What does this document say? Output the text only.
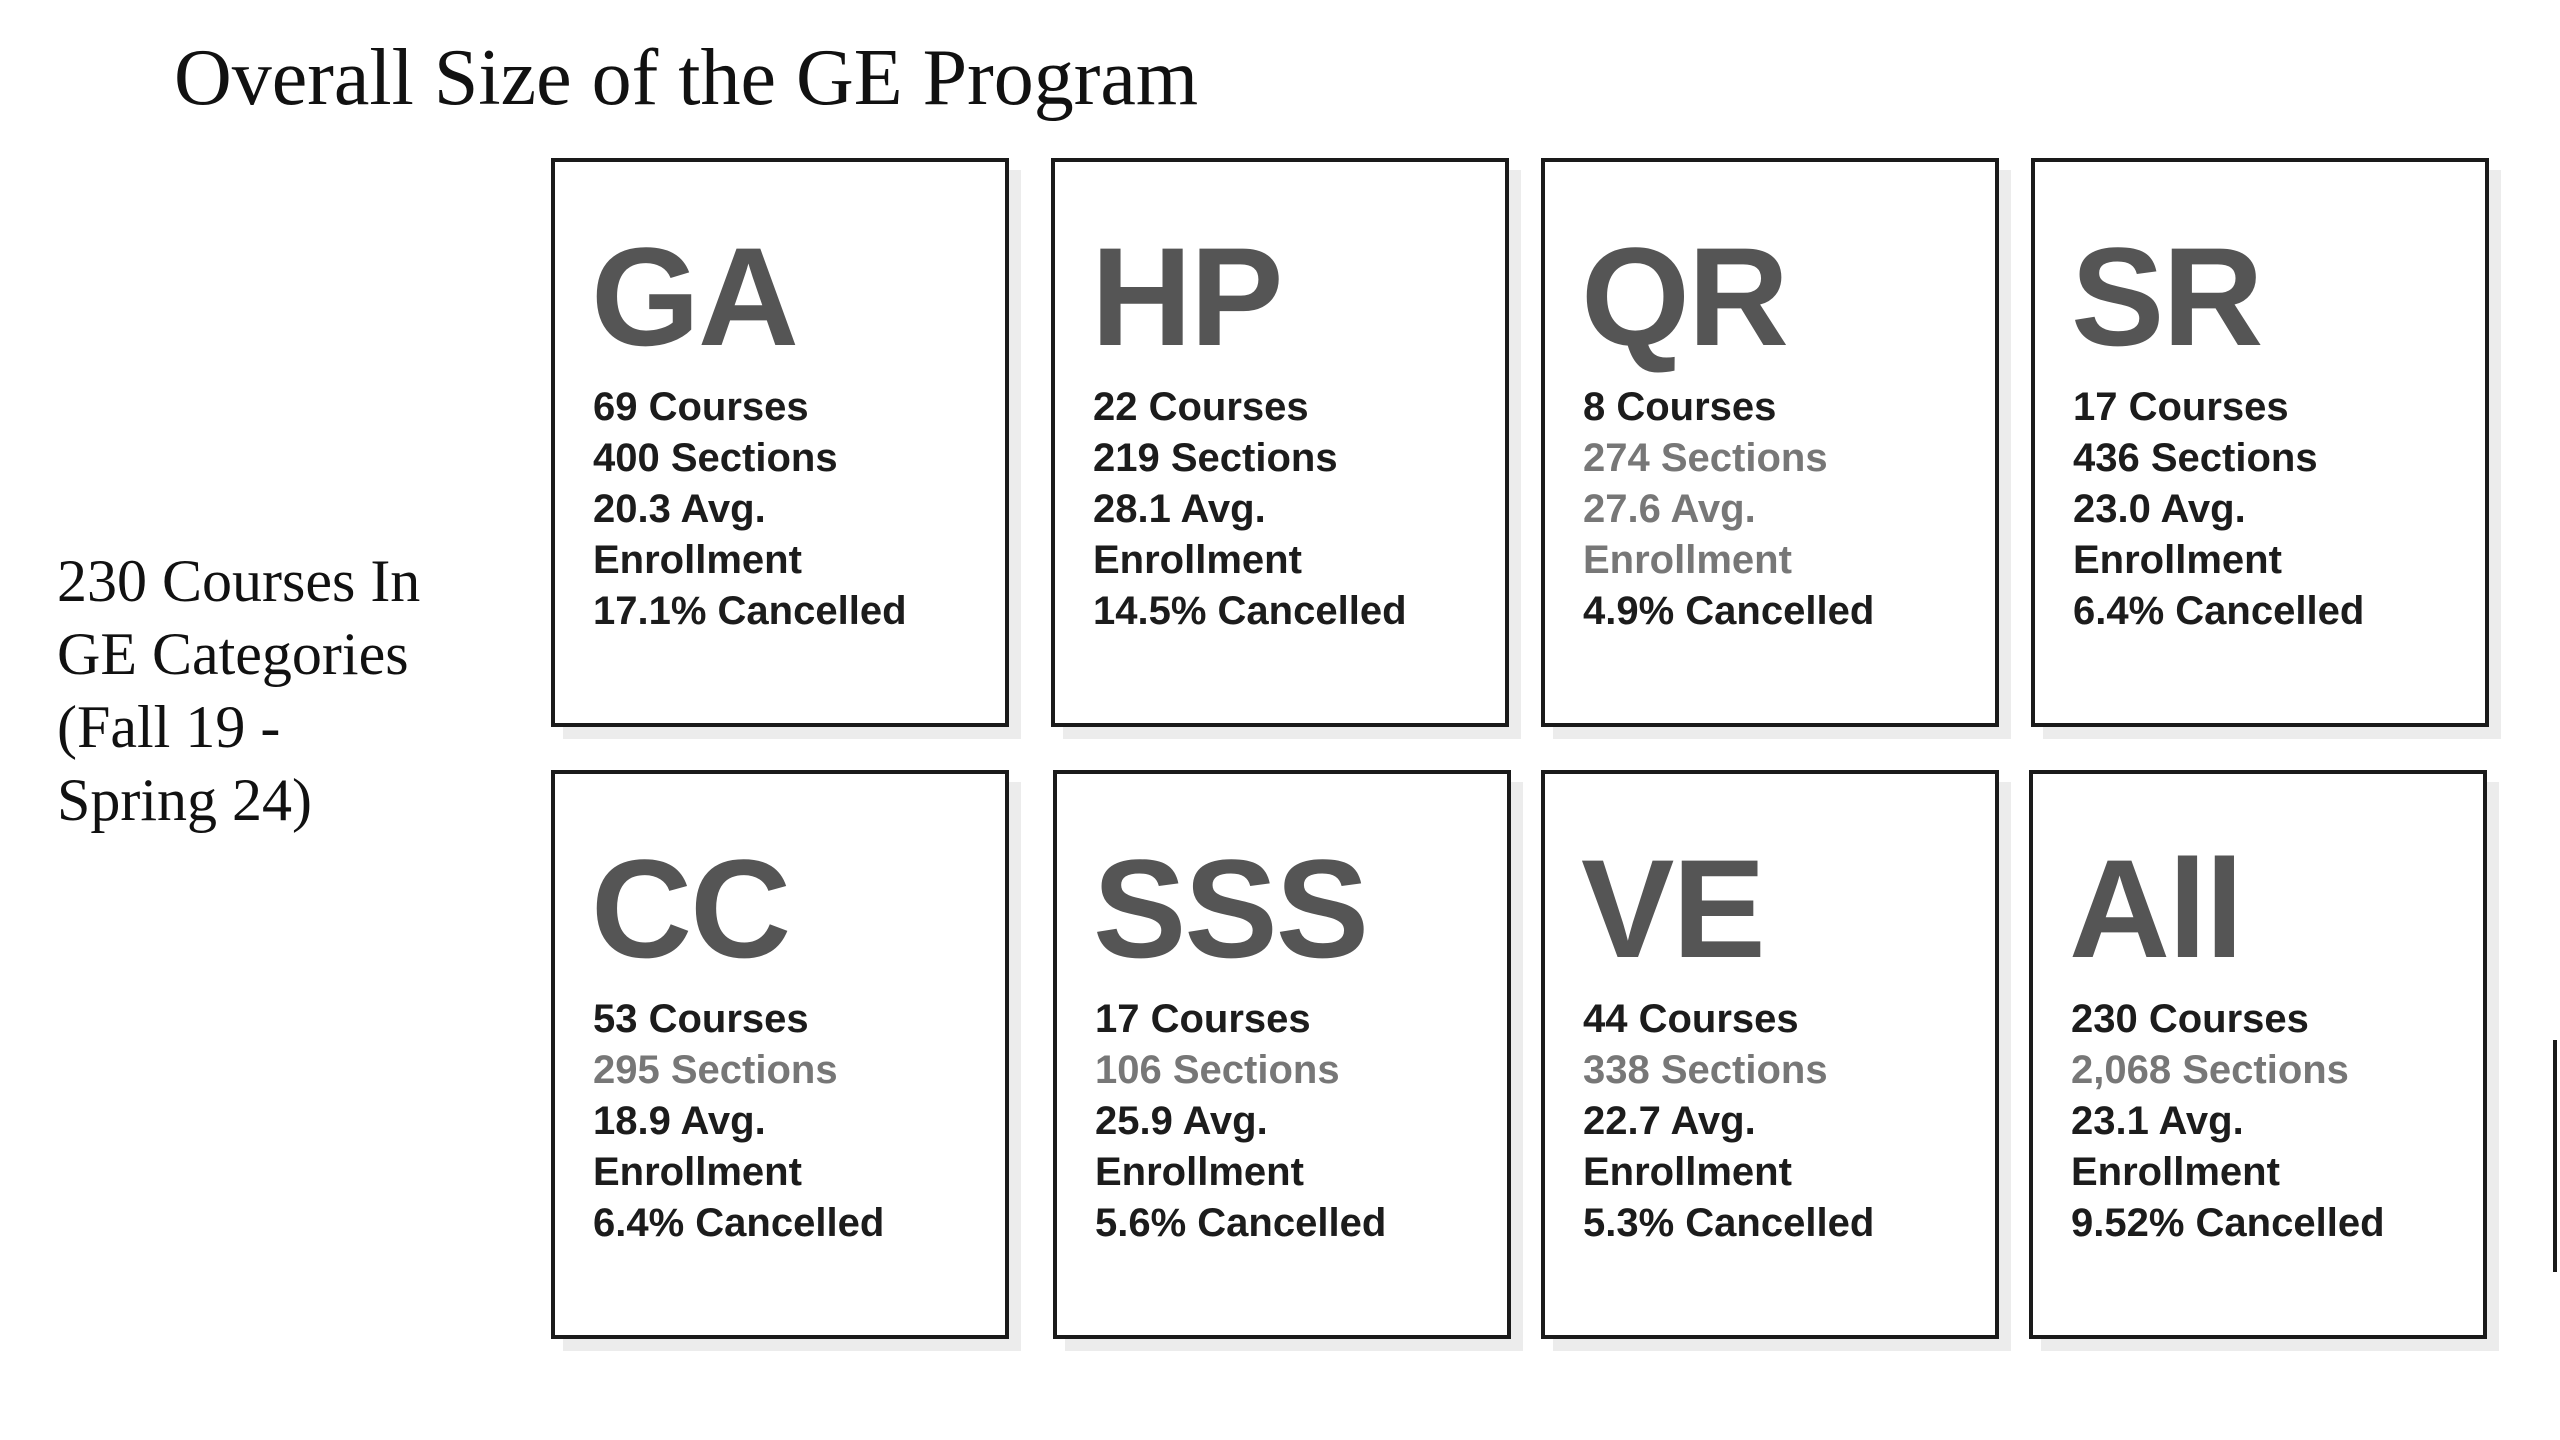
Overall Size of the GE Program
230 Courses In
GE Categories
(Fall 19 -
Spring 24)
GA
69 Courses
400 Sections
20.3 Avg.
Enrollment
17.1% Cancelled
HP
22 Courses
219 Sections
28.1 Avg.
Enrollment
14.5% Cancelled
QR
8 Courses
274 Sections
27.6 Avg.
Enrollment
4.9% Cancelled
SR
17 Courses
436 Sections
23.0 Avg.
Enrollment
6.4% Cancelled
CC
53 Courses
295 Sections
18.9 Avg.
Enrollment
6.4% Cancelled
SSS
17 Courses
106 Sections
25.9 Avg.
Enrollment
5.6% Cancelled
VE
44 Courses
338 Sections
22.7 Avg.
Enrollment
5.3% Cancelled
All
230 Courses
2,068 Sections
23.1 Avg.
Enrollment
9.52% Cancelled
